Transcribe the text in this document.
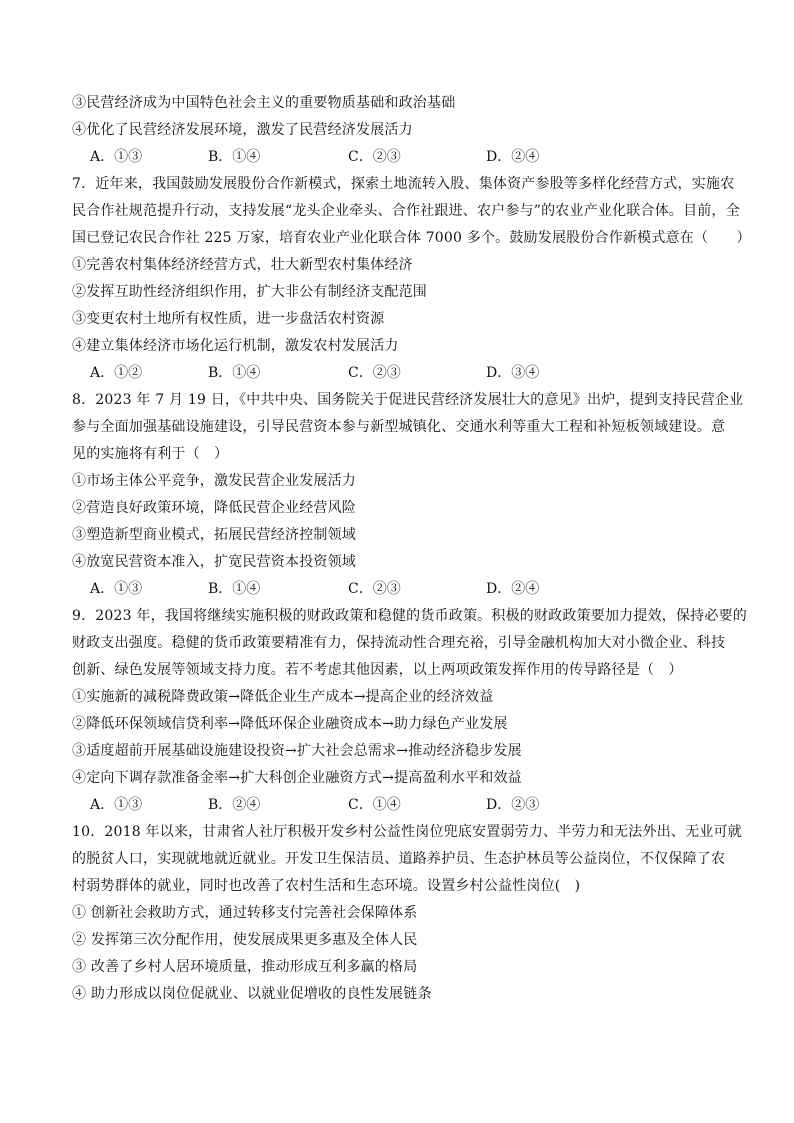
③民营经济成为中国特色社会主义的重要物质基础和政治基础
④优化了民营经济发展环境，激发了民营经济发展活力
A．①③	B．①④	C．②③	D．②④
7．近年来，我国鼓励发展股份合作新模式，探索土地流转入股、集体资产参股等多样化经营方式，实施农
民合作社规范提升行动，支持发展“龙头企业牵头、合作社跟进、农户参与”的农业产业化联合体。目前，全
国已登记农民合作社 225 万家，培育农业产业化联合体 7000 多个。鼓励发展股份合作新模式意在（　　）
①完善农村集体经济经营方式，壮大新型农村集体经济
②发挥互助性经济组织作用，扩大非公有制经济支配范围
③变更农村土地所有权性质，进一步盘活农村资源
④建立集体经济市场化运行机制，激发农村发展活力
A．①②	B．①④	C．②③	D．③④
8．2023 年 7 月 19 日，《中共中央、国务院关于促进民营经济发展壮大的意见》出炉，提到支持民营企业
参与全面加强基础设施建设，引导民营资本参与新型城镇化、交通水利等重大工程和补短板领域建设。意
见的实施将有利于（　）
①市场主体公平竞争，激发民营企业发展活力
②营造良好政策环境，降低民营企业经营风险
③塑造新型商业模式，拓展民营经济控制领域
④放宽民营资本准入，扩宽民营资本投资领域
A．①③	B．①④	C．②③	D．②④
9．2023 年，我国将继续实施积极的财政政策和稳健的货币政策。积极的财政政策要加力提效，保持必要的
财政支出强度。稳健的货币政策要精准有力，保持流动性合理充裕，引导金融机构加大对小微企业、科技
创新、绿色发展等领域支持力度。若不考虑其他因素，以上两项政策发挥作用的传导路径是（　）
①实施新的减税降费政策→降低企业生产成本→提高企业的经济效益
②降低环保领域信贷利率→降低环保企业融资成本→助力绿色产业发展
③适度超前开展基础设施建设投资→扩大社会总需求→推动经济稳步发展
④定向下调存款准备金率→扩大科创企业融资方式→提高盈利水平和效益
A．①③	B．②④	C．①④	D．②③
10．2018 年以来，甘肃省人社厅积极开发乡村公益性岗位兜底安置弱劳力、半劳力和无法外出、无业可就
的脱贫人口，实现就地就近就业。开发卫生保洁员、道路养护员、生态护林员等公益岗位，不仅保障了农
村弱势群体的就业，同时也改善了农村生活和生态环境。设置乡村公益性岗位(　)
① 创新社会救助方式，通过转移支付完善社会保障体系
② 发挥第三次分配作用，使发展成果更多惠及全体人民
③ 改善了乡村人居环境质量，推动形成互利多赢的格局
④ 助力形成以岗位促就业、以就业促增收的良性发展链条
